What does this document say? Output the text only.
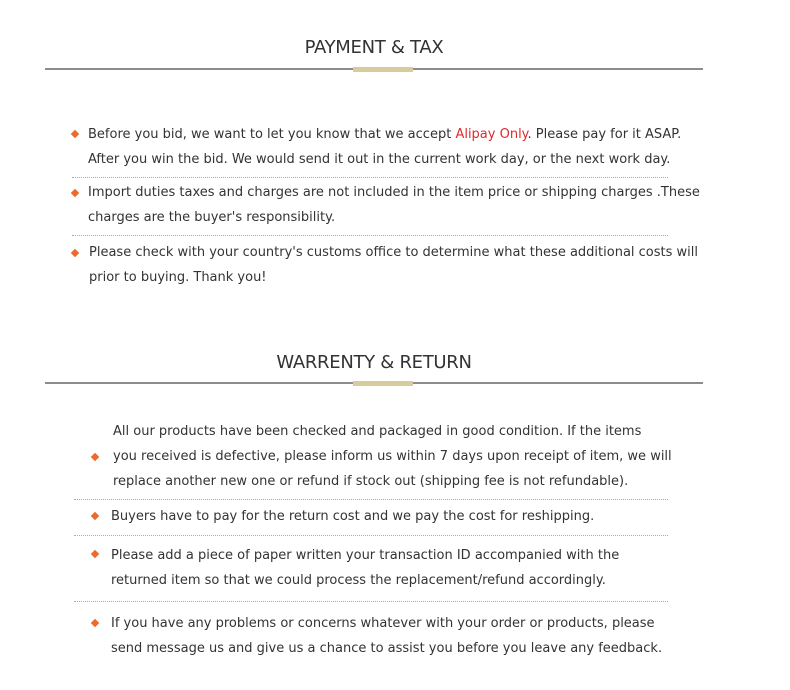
PAYMENT & TAX
Before you bid, we want to let you know that we accept Alipay Only. Please pay for it ASAP.
After you win the bid. We would send it out in the current work day, or the next work day.
Import duties taxes and charges are not included in the item price or shipping charges .These
charges are the buyer's responsibility.
Please check with your country's customs office to determine what these additional costs will
prior to buying. Thank you!
WARRENTY & RETURN
All our products have been checked and packaged in good condition. If the items
you received is defective, please inform us within 7 days upon receipt of item, we will
replace another new one or refund if stock out (shipping fee is not refundable).
Buyers have to pay for the return cost and we pay the cost for reshipping.
Please add a piece of paper written your transaction ID accompanied with the
returned item so that we could process the replacement/refund accordingly.
If you have any problems or concerns whatever with your order or products, please
send message us and give us a chance to assist you before you leave any feedback.
